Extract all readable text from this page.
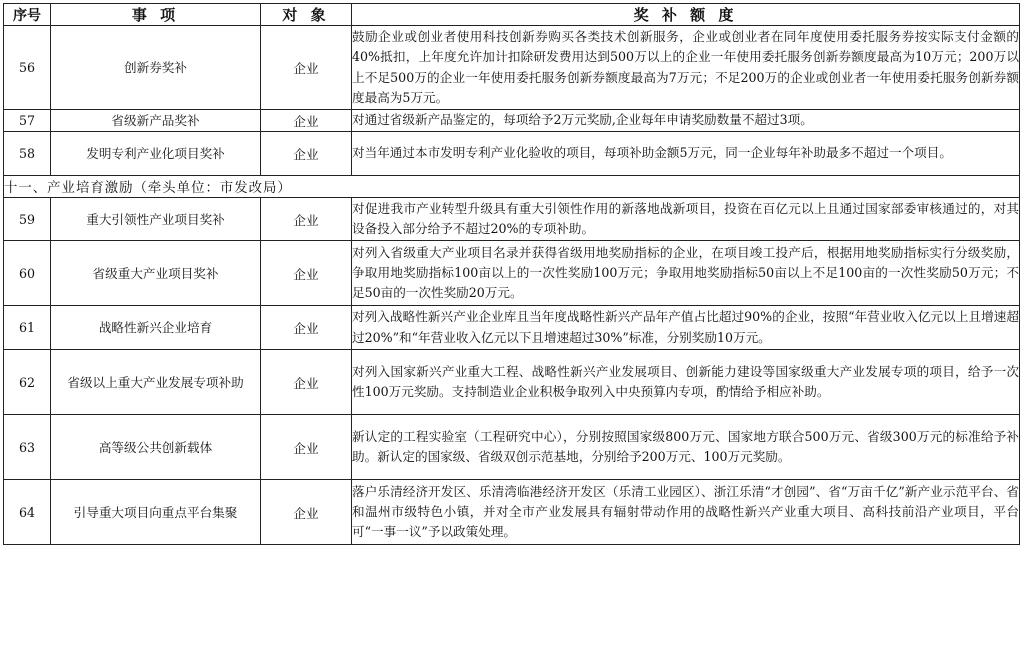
序号	事 项	对 象	奖 补 额 度
56	创新券奖补	企业	鼓励企业或创业者使用科技创新券购买各类技术创新服务，企业或创业者在同年度使用委托服务券按实际支付金额的40%抵扣，上年度允许加计扣除研发费用达到500万以上的企业一年使用委托服务创新券额度最高为10万元；200万以上不足500万的企业一年使用委托服务创新券额度最高为7万元；不足200万的企业或创业者一年使用委托服务创新券额度最高为5万元。
57	省级新产品奖补	企业	对通过省级新产品鉴定的，每项给予2万元奖励,企业每年申请奖励数量不超过3项。
58	发明专利产业化项目奖补	企业	对当年通过本市发明专利产业化验收的项目，每项补助金额5万元，同一企业每年补助最多不超过一个项目。
十一、产业培育激励（牵头单位：市发改局）			
59	重大引领性产业项目奖补	企业	对促进我市产业转型升级具有重大引领性作用的新落地战新项目，投资在百亿元以上且通过国家部委审核通过的，对其设备投入部分给予不超过20%的专项补助。
60	省级重大产业项目奖补	企业	对列入省级重大产业项目名录并获得省级用地奖励指标的企业，在项目竣工投产后，根据用地奖励指标实行分级奖励，争取用地奖励指标100亩以上的一次性奖励100万元；争取用地奖励指标50亩以上不足100亩的一次性奖励50万元；不足50亩的一次性奖励20万元。
61	战略性新兴企业培育	企业	对列入战略性新兴产业企业库且当年度战略性新兴产品年产值占比超过90%的企业，按照“年营业收入亿元以上且增速超过20%”和“年营业收入亿元以下且增速超过30%”标准，分别奖励10万元。
62	省级以上重大产业发展专项补助	企业	对列入国家新兴产业重大工程、战略性新兴产业发展项目、创新能力建设等国家级重大产业发展专项的项目，给予一次性100万元奖励。支持制造业企业积极争取列入中央预算内专项，酌情给予相应补助。
63	高等级公共创新载体	企业	新认定的工程实验室（工程研究中心），分别按照国家级800万元、国家地方联合500万元、省级300万元的标准给予补助。新认定的国家级、省级双创示范基地，分别给予200万元、100万元奖励。
64	引导重大项目向重点平台集聚	企业	落户乐清经济开发区、乐清湾临港经济开发区（乐清工业园区）、浙江乐清“才创园”、省“万亩千亿”新产业示范平台、省和温州市级特色小镇，并对全市产业发展具有辐射带动作用的战略性新兴产业重大项目、高科技前沿产业项目，平台可“一事一议”予以政策处理。
